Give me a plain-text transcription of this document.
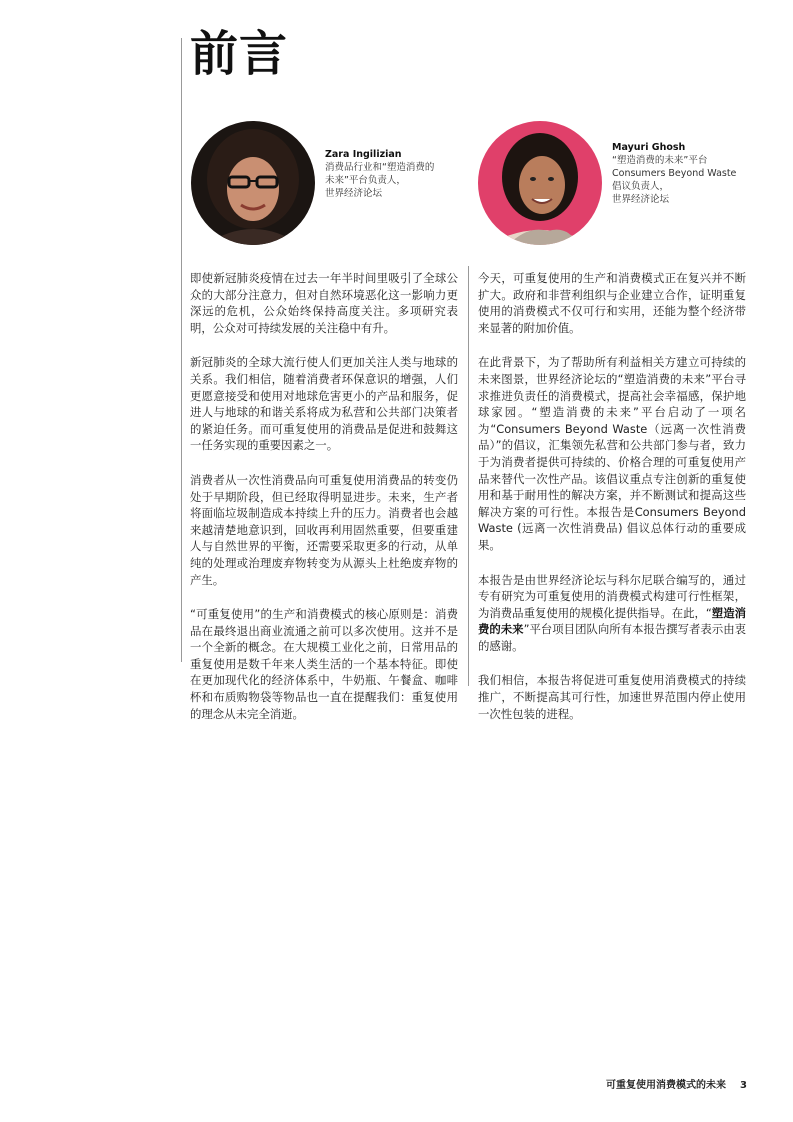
前言
Zara Ingilizian
消费品行业和“塑造消费的
未来”平台负责人，
世界经济论坛
Mayuri Ghosh
“塑造消费的未来”平台
Consumers Beyond Waste
倡议负责人，
世界经济论坛

即使新冠肺炎疫情在过去一年半时间里吸引了全球公众的大部分注意力，但对自然环境恶化这一影响力更深远的危机，公众始终保持高度关注。多项研究表明，公众对可持续发展的关注稳中有升。

新冠肺炎的全球大流行使人们更加关注人类与地球的关系。我们相信，随着消费者环保意识的增强，人们更愿意接受和使用对地球危害更小的产品和服务，促进人与地球的和谐关系将成为私营和公共部门决策者的紧迫任务。而可重复使用的消费品是促进和鼓舞这一任务实现的重要因素之一。

消费者从一次性消费品向可重复使用消费品的转变仍处于早期阶段，但已经取得明显进步。未来，生产者将面临垃圾制造成本持续上升的压力。消费者也会越来越清楚地意识到，回收再利用固然重要，但要重建人与自然世界的平衡，还需要采取更多的行动，从单纯的处理或治理废弃物转变为从源头上杜绝废弃物的产生。

“可重复使用”的生产和消费模式的核心原则是：消费品在最终退出商业流通之前可以多次使用。这并不是一个全新的概念。在大规模工业化之前，日常用品的重复使用是数千年来人类生活的一个基本特征。即使在更加现代化的经济体系中，牛奶瓶、午餐盒、咖啡杯和布质购物袋等物品也一直在提醒我们：重复使用的理念从未完全消逝。

今天，可重复使用的生产和消费模式正在复兴并不断扩大。政府和非营利组织与企业建立合作，证明重复使用的消费模式不仅可行和实用，还能为整个经济带来显著的附加价值。

在此背景下，为了帮助所有利益相关方建立可持续的未来图景，世界经济论坛的“塑造消费的未来”平台寻求推进负责任的消费模式，提高社会幸福感，保护地球家园。“塑造消费的未来”平台启动了一项名为“Consumers Beyond Waste（远离一次性消费品）”的倡议，汇集领先私营和公共部门参与者，致力于为消费者提供可持续的、价格合理的可重复使用产品来替代一次性产品。该倡议重点专注创新的重复使用和基于耐用性的解决方案，并不断测试和提高这些解决方案的可行性。本报告是Consumers Beyond Waste (远离一次性消费品) 倡议总体行动的重要成果。

本报告是由世界经济论坛与科尔尼联合编写的，通过专有研究为可重复使用的消费模式构建可行性框架，为消费品重复使用的规模化提供指导。在此，“塑造消费的未来”平台项目团队向所有本报告撰写者表示由衷的感谢。

我们相信，本报告将促进可重复使用消费模式的持续推广，不断提高其可行性，加速世界范围内停止使用一次性包装的进程。

可重复使用消费模式的未来 3
